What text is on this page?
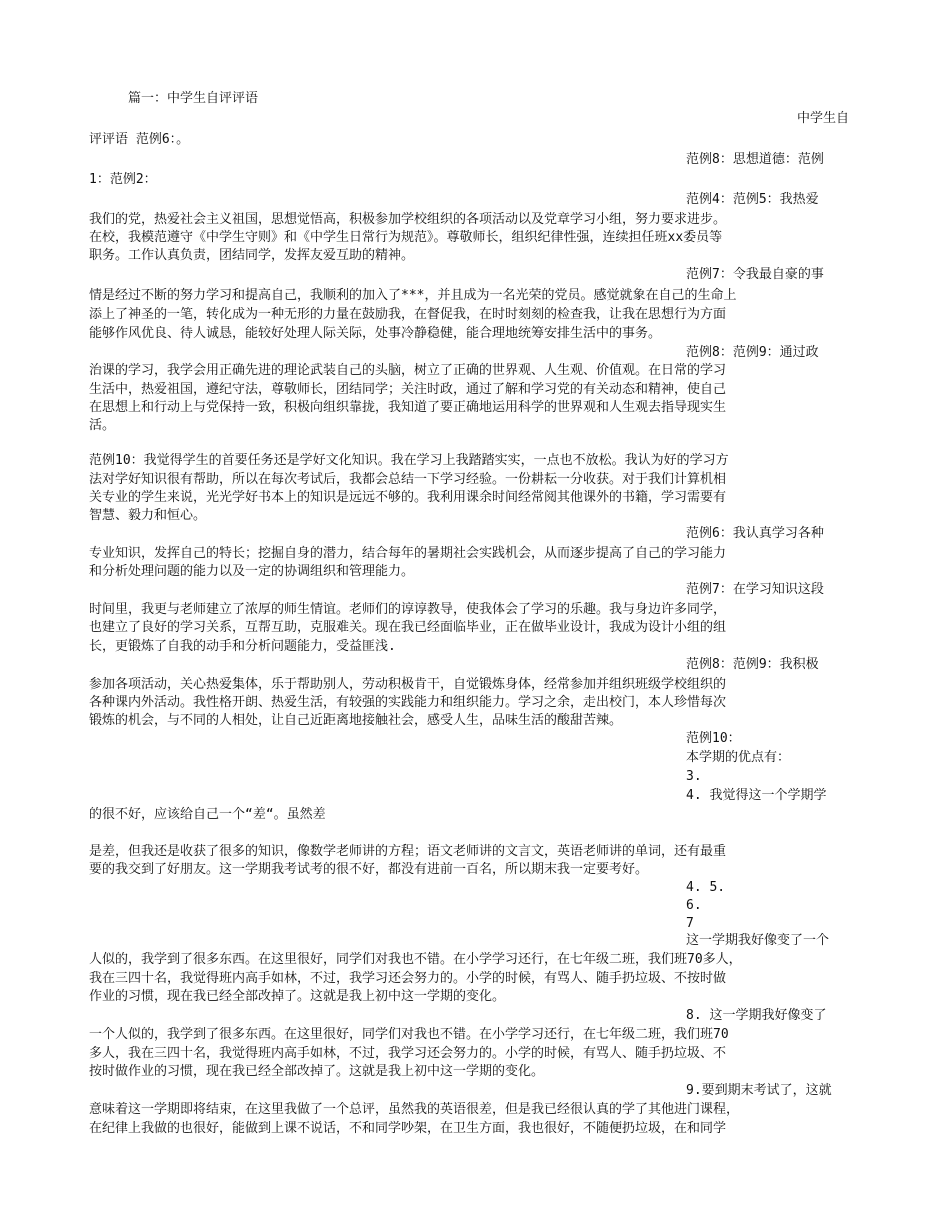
篇一：中学生自评评语
中学生自
评评语 范例6：。
范例8：思想道德：范例
1：范例2：
范例4：范例5：我热爱
我们的党，热爱社会主义祖国，思想觉悟高，积极参加学校组织的各项活动以及党章学习小组，努力要求进步。
在校，我模范遵守《中学生守则》和《中学生日常行为规范》。尊敬师长，组织纪律性强，连续担任班xx委员等
职务。工作认真负责，团结同学，发挥友爱互助的精神。
范例7：令我最自豪的事
情是经过不断的努力学习和提高自己，我顺利的加入了***，并且成为一名光荣的党员。感觉就象在自己的生命上
添上了神圣的一笔，转化成为一种无形的力量在鼓励我，在督促我，在时时刻刻的检查我，让我在思想行为方面
能够作风优良、待人诚恳，能较好处理人际关际，处事冷静稳健，能合理地统筹安排生活中的事务。
范例8：范例9：通过政
治课的学习，我学会用正确先进的理论武装自己的头脑，树立了正确的世界观、人生观、价值观。在日常的学习
生活中，热爱祖国，遵纪守法，尊敬师长，团结同学；关注时政，通过了解和学习党的有关动态和精神，使自己
在思想上和行动上与党保持一致，积极向组织靠拢，我知道了要正确地运用科学的世界观和人生观去指导现实生
活。
范例10：我觉得学生的首要任务还是学好文化知识。我在学习上我踏踏实实，一点也不放松。我认为好的学习方
法对学好知识很有帮助，所以在每次考试后，我都会总结一下学习经验。一份耕耘一分收获。对于我们计算机相
关专业的学生来说，光光学好书本上的知识是远远不够的。我利用课余时间经常阅其他课外的书籍，学习需要有
智慧、毅力和恒心。
范例6：我认真学习各种
专业知识，发挥自己的特长；挖掘自身的潜力，结合每年的暑期社会实践机会，从而逐步提高了自己的学习能力
和分析处理问题的能力以及一定的协调组织和管理能力。
范例7：在学习知识这段
时间里，我更与老师建立了浓厚的师生情谊。老师们的谆谆教导，使我体会了学习的乐趣。我与身边许多同学，
也建立了良好的学习关系，互帮互助，克服难关。现在我已经面临毕业，正在做毕业设计，我成为设计小组的组
长，更锻炼了自我的动手和分析问题能力，受益匪浅.
范例8：范例9：我积极
参加各项活动，关心热爱集体，乐于帮助别人，劳动积极肯干，自觉锻炼身体，经常参加并组织班级学校组织的
各种课内外活动。我性格开朗、热爱生活，有较强的实践能力和组织能力。学习之余，走出校门，本人珍惜每次
锻炼的机会，与不同的人相处，让自己近距离地接触社会，感受人生，品味生活的酸甜苦辣。
范例10：
本学期的优点有：
3.
4. 我觉得这一个学期学
的很不好，应该给自己一个“差“。虽然差
是差，但我还是收获了很多的知识，像数学老师讲的方程；语文老师讲的文言文，英语老师讲的单词，还有最重
要的我交到了好朋友。这一学期我考试考的很不好，都没有进前一百名，所以期末我一定要考好。
4. 5.
6.
7
这一学期我好像变了一个
人似的，我学到了很多东西。在这里很好，同学们对我也不错。在小学学习还行，在七年级二班，我们班70多人，
我在三四十名，我觉得班内高手如林，不过，我学习还会努力的。小学的时候，有骂人、随手扔垃圾、不按时做
作业的习惯，现在我已经全部改掉了。这就是我上初中这一学期的变化。
8. 这一学期我好像变了
一个人似的，我学到了很多东西。在这里很好，同学们对我也不错。在小学学习还行，在七年级二班，我们班70
多人，我在三四十名，我觉得班内高手如林，不过，我学习还会努力的。小学的时候，有骂人、随手扔垃圾、不
按时做作业的习惯，现在我已经全部改掉了。这就是我上初中这一学期的变化。
9.要到期末考试了，这就
意味着这一学期即将结束，在这里我做了一个总评，虽然我的英语很差，但是我已经很认真的学了其他进门课程，
在纪律上我做的也很好，能做到上课不说话，不和同学吵架，在卫生方面，我也很好，不随便扔垃圾，在和同学
